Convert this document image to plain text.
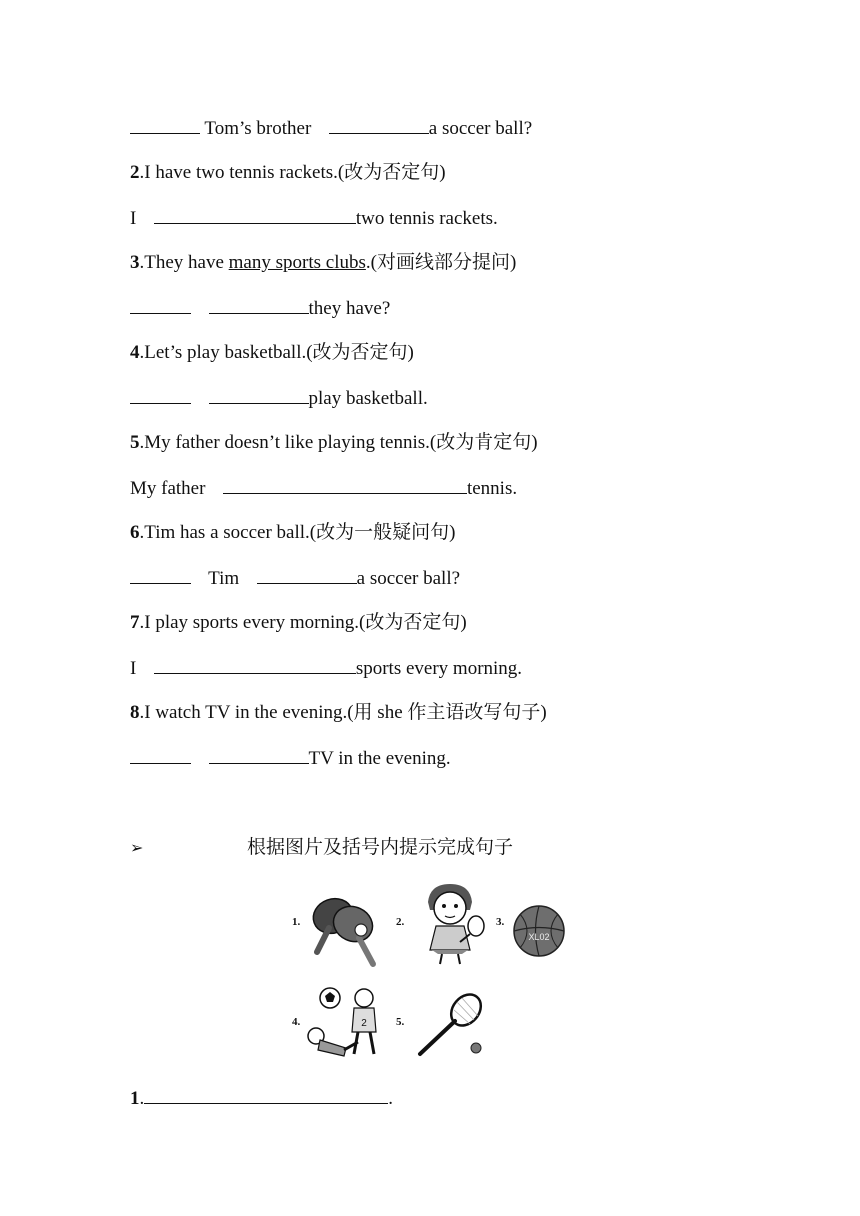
Tom’s brother	a soccer ball?
2.I have two tennis rackets.(改为否定句)
I	two tennis rackets.
3.They have many sports clubs.(对画线部分提问)
they have?
4.Let’s play basketball.(改为否定句)
play basketball.
5.My father doesn’t like playing tennis.(改为肯定句)
My father	tennis.
6.Tim has a soccer ball.(改为一般疑问句)
Tim	a soccer ball?
7.I play sports every morning.(改为否定句)
I	sports every morning.
8.I watch TV in the evening.(用 she 作主语改写句子)
TV in the evening.
➢	根据图片及括号内提示完成句子
1.	2.	3.
4.	5.
XL02
2
1.	.
